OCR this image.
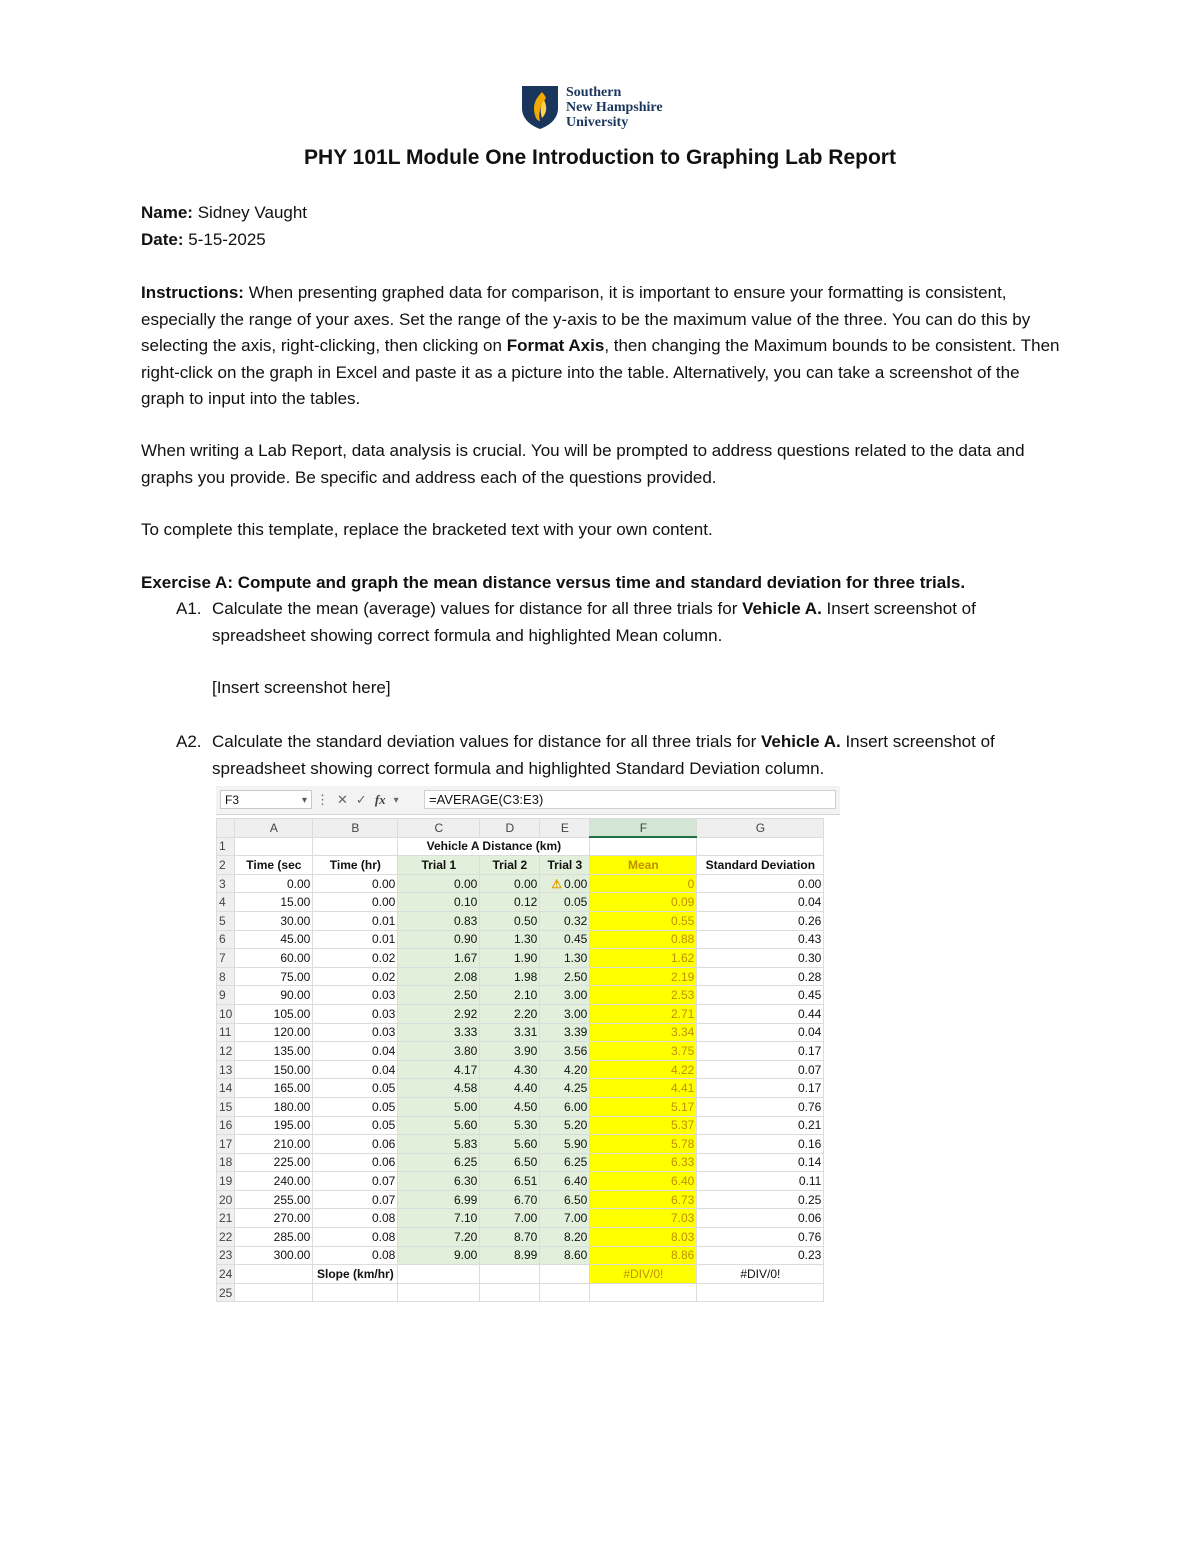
Southern
New Hampshire
University
PHY 101L Module One Introduction to Graphing Lab Report
Name: Sidney Vaught
Date: 5-15-2025
Instructions: When presenting graphed data for comparison, it is important to ensure your formatting is consistent, especially the range of your axes. Set the range of the y-axis to be the maximum value of the three. You can do this by selecting the axis, right-clicking, then clicking on Format Axis, then changing the Maximum bounds to be consistent. Then right-click on the graph in Excel and paste it as a picture into the table. Alternatively, you can take a screenshot of the graph to input into the tables.
When writing a Lab Report, data analysis is crucial. You will be prompted to address questions related to the data and graphs you provide. Be specific and address each of the questions provided.
To complete this template, replace the bracketed text with your own content.
Exercise A: Compute and graph the mean distance versus time and standard deviation for three trials.
A1. Calculate the mean (average) values for distance for all three trials for Vehicle A. Insert screenshot of spreadsheet showing correct formula and highlighted Mean column.
[Insert screenshot here]
A2. Calculate the standard deviation values for distance for all three trials for Vehicle A. Insert screenshot of spreadsheet showing correct formula and highlighted Standard Deviation column.
F3	▾ ⋮ ✕ ✓ fx ▾	=AVERAGE(C3:E3)
	A	B	C	D	E	F	G
1			Vehicle A Distance (km)				
2	Time (sec	Time (hr)	Trial 1	Trial 2	Trial 3	Mean	Standard Deviation
3	0.00	0.00	0.00	0.00	⚠ 0.00	0	0.00
4	15.00	0.00	0.10	0.12	0.05	0.09	0.04
5	30.00	0.01	0.83	0.50	0.32	0.55	0.26
6	45.00	0.01	0.90	1.30	0.45	0.88	0.43
7	60.00	0.02	1.67	1.90	1.30	1.62	0.30
8	75.00	0.02	2.08	1.98	2.50	2.19	0.28
9	90.00	0.03	2.50	2.10	3.00	2.53	0.45
10	105.00	0.03	2.92	2.20	3.00	2.71	0.44
11	120.00	0.03	3.33	3.31	3.39	3.34	0.04
12	135.00	0.04	3.80	3.90	3.56	3.75	0.17
13	150.00	0.04	4.17	4.30	4.20	4.22	0.07
14	165.00	0.05	4.58	4.40	4.25	4.41	0.17
15	180.00	0.05	5.00	4.50	6.00	5.17	0.76
16	195.00	0.05	5.60	5.30	5.20	5.37	0.21
17	210.00	0.06	5.83	5.60	5.90	5.78	0.16
18	225.00	0.06	6.25	6.50	6.25	6.33	0.14
19	240.00	0.07	6.30	6.51	6.40	6.40	0.11
20	255.00	0.07	6.99	6.70	6.50	6.73	0.25
21	270.00	0.08	7.10	7.00	7.00	7.03	0.06
22	285.00	0.08	7.20	8.70	8.20	8.03	0.76
23	300.00	0.08	9.00	8.99	8.60	8.86	0.23
24		Slope (km/hr)				#DIV/0!	#DIV/0!
25							
